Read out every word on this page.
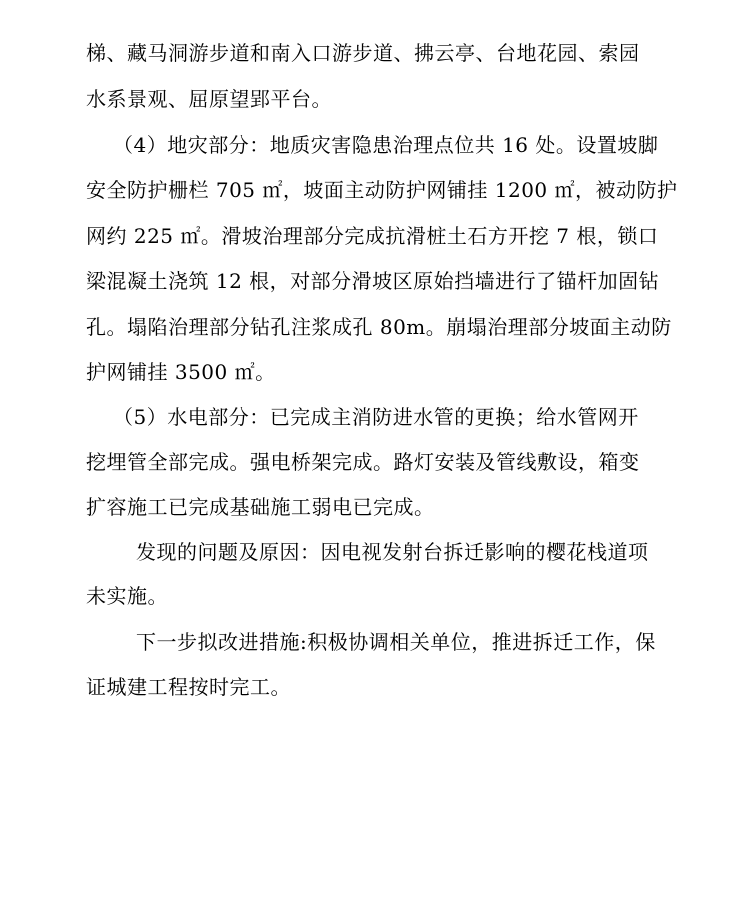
梯、藏马洞游步道和南入口游步道、拂云亭、台地花园、索园
水系景观、屈原望郢平台。
（4）地灾部分：地质灾害隐患治理点位共 16 处。设置坡脚
安全防护栅栏 705 ㎡，坡面主动防护网铺挂 1200 ㎡，被动防护
网约 225 ㎡。滑坡治理部分完成抗滑桩土石方开挖 7 根，锁口
梁混凝土浇筑 12 根，对部分滑坡区原始挡墙进行了锚杆加固钻
孔。塌陷治理部分钻孔注浆成孔 80m。崩塌治理部分坡面主动防
护网铺挂 3500 ㎡。
（5）水电部分：已完成主消防进水管的更换；给水管网开
挖埋管全部完成。强电桥架完成。路灯安装及管线敷设，箱变
扩容施工已完成基础施工弱电已完成。
发现的问题及原因：因电视发射台拆迁影响的樱花栈道项
未实施。
下一步拟改进措施:积极协调相关单位，推进拆迁工作，保
证城建工程按时完工。
